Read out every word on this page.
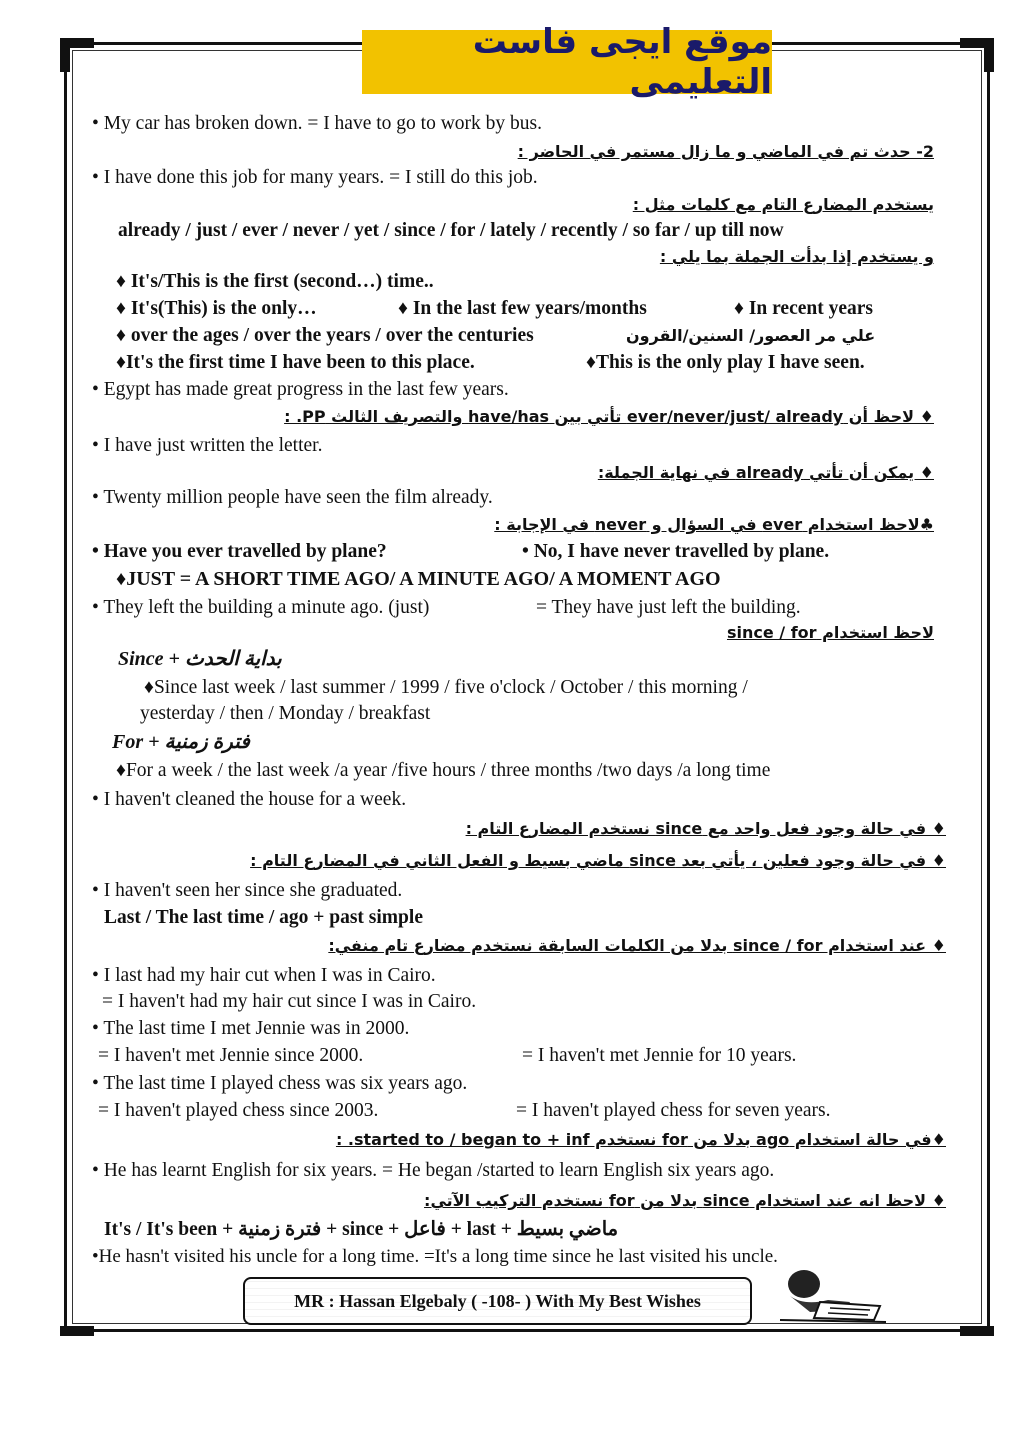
موقع ايجى فاست التعليمى
• My car has broken down. = I have to go to work by bus.
2- حدث تم في الماضي و ما زال مستمر في الحاضر :
• I have done this job for many years. = I still do this job.
يستخدم المضارع التام مع كلمات مثل :
already / just / ever / never / yet / since / for / lately / recently / so far / up till now
و يستخدم إذا بدأت الجملة بما يلي :
♦ It's/This is the first (second…) time..
♦ It's(This) is the only…	♦ In the last few years/months	♦ In recent years
♦ over the ages / over the years / over the centuries	علي مر العصور/ السنين/القرون
♦It's the first time I have been to this place.	♦This is the only play I have seen.
• Egypt has made great progress in the last few years.
♦ لاحظ أن ever/never/just/ already تأتي بين have/has والتصريف الثالث PP. :
• I have just written the letter.
♦ يمكن أن تأتي already في نهاية الجملة:
• Twenty million people have seen the film already.
♣لاحظ استخدام ever في السؤال و never في الإجابة :
• Have you ever travelled by plane?	• No, I have never travelled by plane.
♦JUST = A SHORT TIME AGO/ A MINUTE AGO/ A MOMENT AGO
• They left the building a minute ago. (just)	= They have just left the building.
لاحظ استخدام since / for
Since + بداية الحدث
♦Since last week / last summer / 1999 / five o'clock / October / this morning /
yesterday / then / Monday / breakfast
For + فترة زمنية
♦For a week / the last week /a year /five hours / three months /two days /a long time
• I haven't cleaned the house for a week.
♦ في حالة وجود فعل واحد مع since نستخدم المضارع التام :
♦ في حالة وجود فعلين ، يأتي بعد since ماضي بسيط و الفعل الثاني في المضارع التام :
• I haven't seen her since she graduated.
Last / The last time / ago + past simple
♦ عند استخدام since / for بدلا من الكلمات السابقة نستخدم مضارع تام منفي:
• I last had my hair cut when I was in Cairo.
= I haven't had my hair cut since I was in Cairo.
• The last time I met Jennie was in 2000.
= I haven't met Jennie since 2000.	= I haven't met Jennie for 10 years.
• The last time I played chess was six years ago.
= I haven't played chess since 2003.	= I haven't played chess for seven years.
♦في حالة استخدام ago بدلا من for نستخدم started to / began to + inf. :
• He has learnt English for six years. = He began /started to learn English six years ago.
♦ لاحظ انه عند استخدام since بدلا من for نستخدم التركيب الآتي:
It's / It's been + فترة زمنية + since + فاعل + last + ماضي بسيط
•He hasn't visited his uncle for a long time. =It's a long time since he last visited his uncle.
MR : Hassan Elgebaly ( -108- ) With My Best Wishes
